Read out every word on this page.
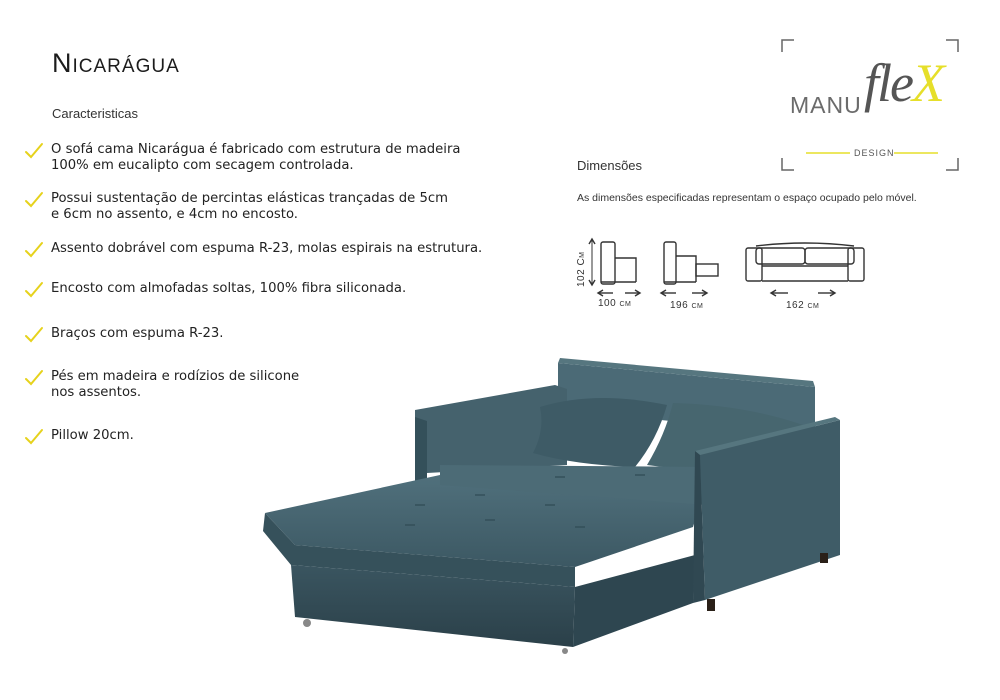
Nicarágua
Caracteristicas
O sofá cama Nicarágua é fabricado com estrutura de madeira
100% em eucalipto com secagem controlada.
Possui sustentação de percintas elásticas trançadas de 5cm
e 6cm no assento, e 4cm no encosto.
Assento dobrável com espuma R-23, molas espirais na estrutura.
Encosto com almofadas soltas, 100% fibra siliconada.
Braços com espuma R-23.
Pés em madeira e rodízios de silicone
nos assentos.
Pillow 20cm.
MANU fleX
DESIGN
Dimensões
As dimensões especificadas representam o espaço ocupado pelo móvel.
102 Cm
100 cm	196 cm	162 cm
